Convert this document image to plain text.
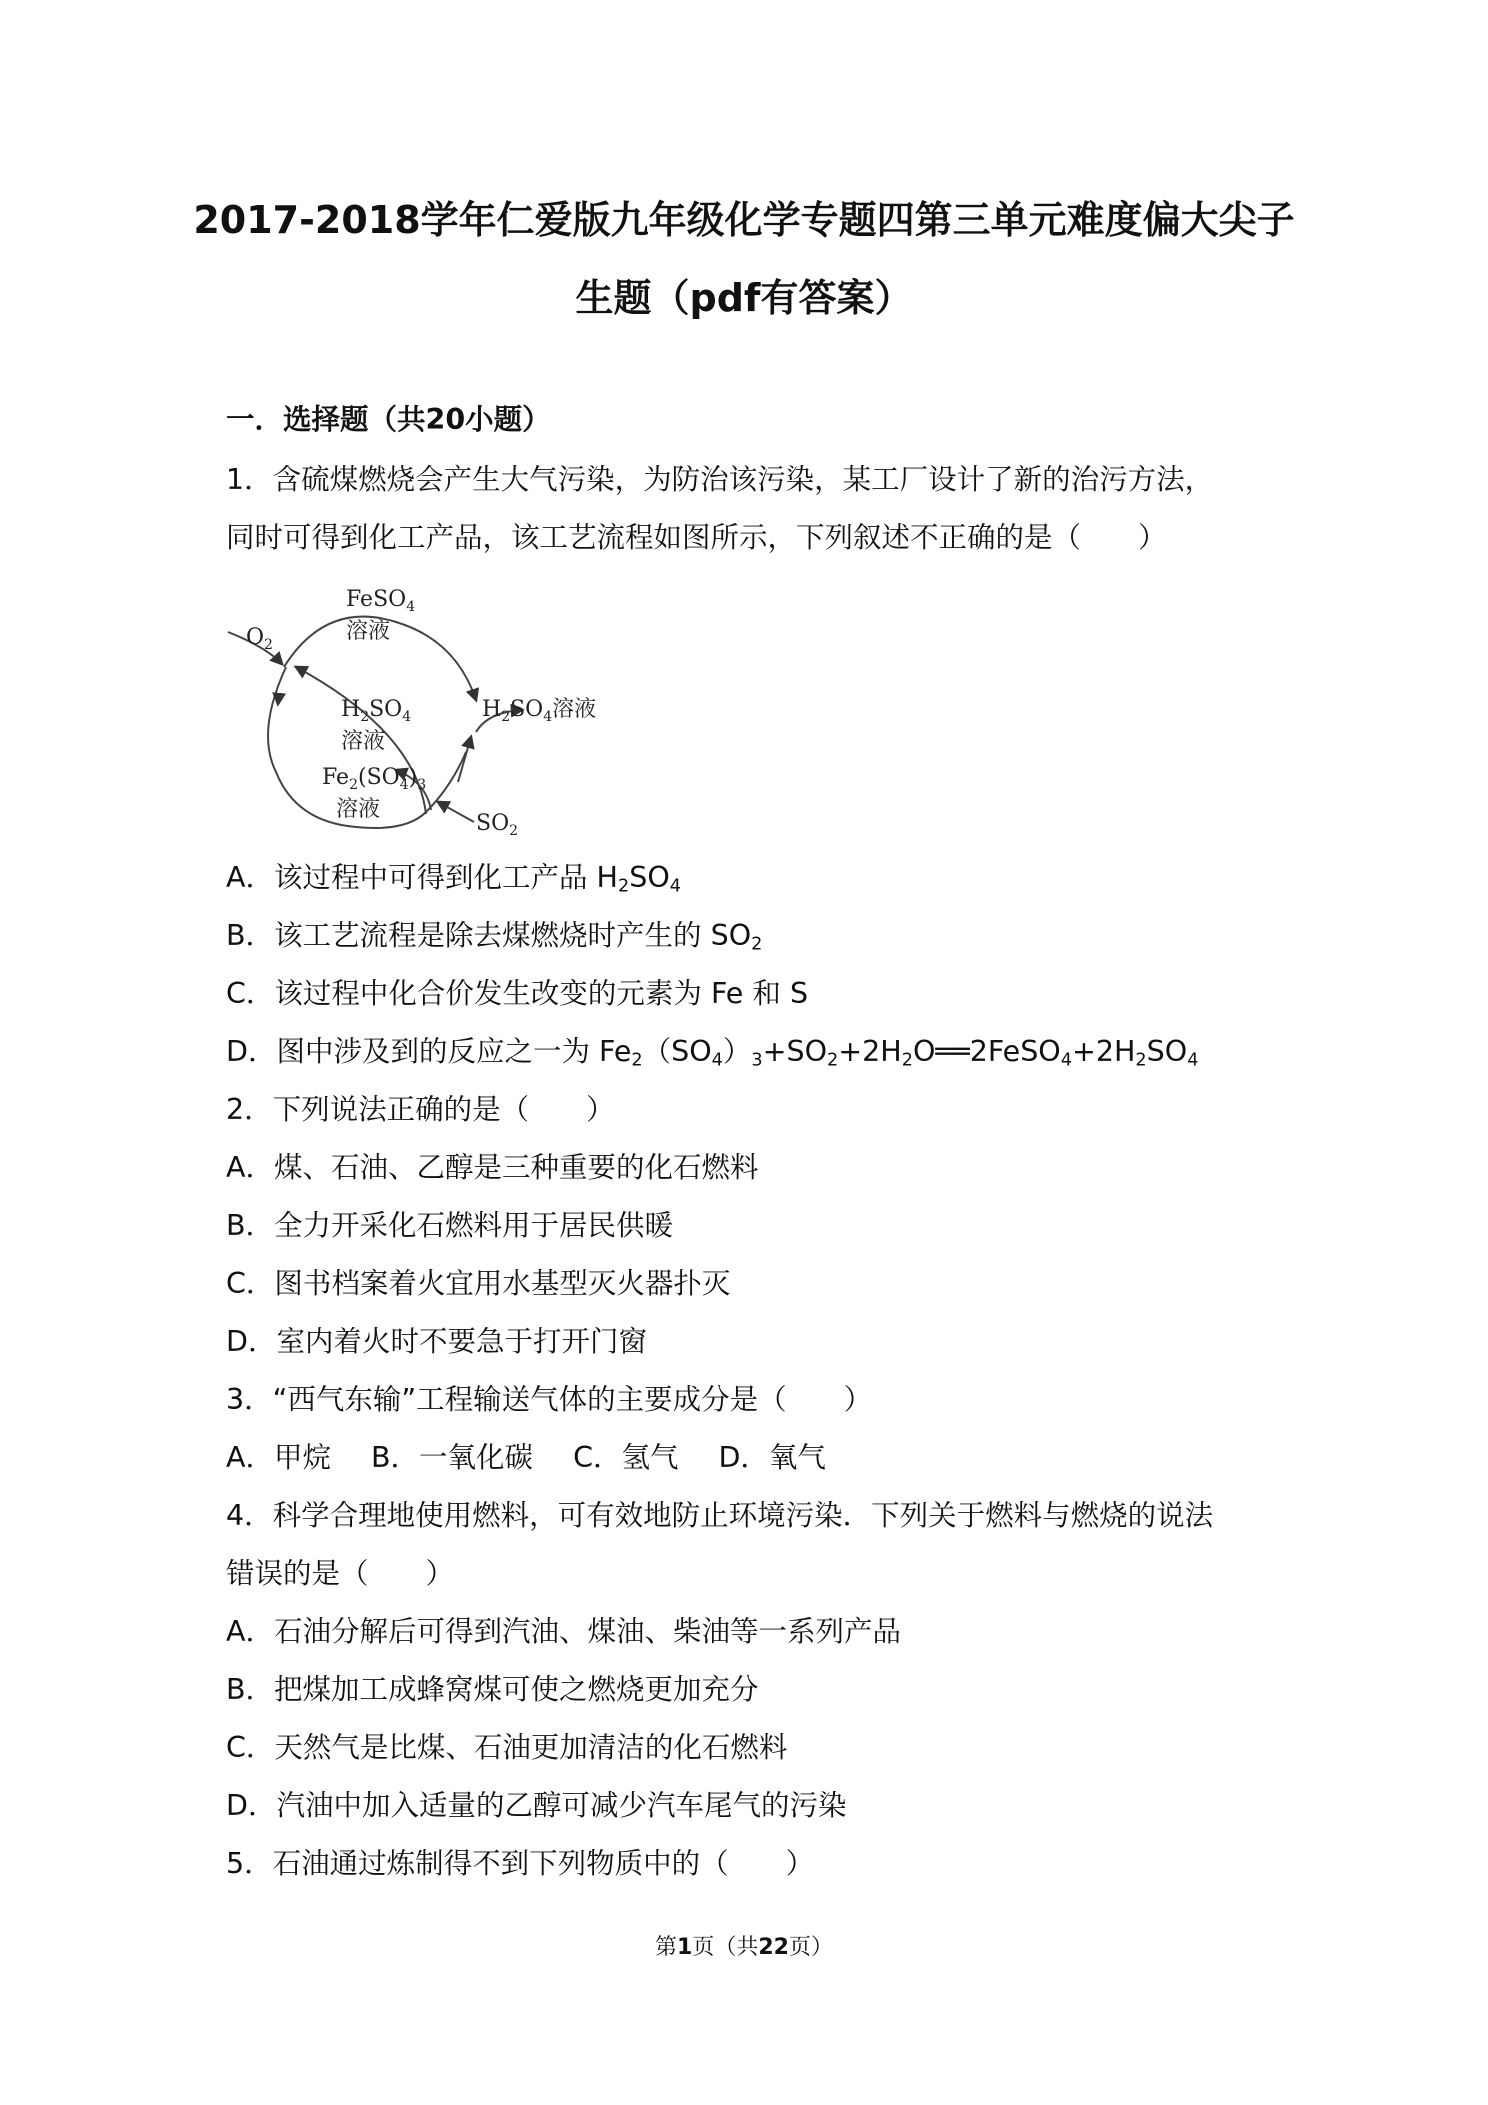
2017-2018学年仁爱版九年级化学专题四第三单元难度偏大尖子
生题（pdf有答案）
一．选择题（共20小题）
1．含硫煤燃烧会产生大气污染，为防治该污染，某工厂设计了新的治污方法，
同时可得到化工产品，该工艺流程如图所示，下列叙述不正确的是（　　）
FeSO$_4$
溶液
$O_2$
$H_2SO_4$
溶液
$H_2SO_4$溶液
$Fe_2(SO_4)_3$
溶液
$SO_2$
A．该过程中可得到化工产品 $H_2SO_4$
B．该工艺流程是除去煤燃烧时产生的 $SO_2$
C．该过程中化合价发生改变的元素为 Fe 和 S
D．图中涉及到的反应之一为 $Fe_2(SO_4)_3+SO_2+2H_2O══2FeSO_4+2H_2SO_4$
2．下列说法正确的是（　　）
A．煤、石油、乙醇是三种重要的化石燃料
B．全力开采化石燃料用于居民供暖
C．图书档案着火宜用水基型灭火器扑灭
D．室内着火时不要急于打开门窗
3．“西气东输”工程输送气体的主要成分是（　　）
A．甲烷 B．一氧化碳 C．氢气 D．氧气
4．科学合理地使用燃料，可有效地防止环境污染．下列关于燃料与燃烧的说法
错误的是（　　）
A．石油分解后可得到汽油、煤油、柴油等一系列产品
B．把煤加工成蜂窝煤可使之燃烧更加充分
C．天然气是比煤、石油更加清洁的化石燃料
D．汽油中加入适量的乙醇可减少汽车尾气的污染
5．石油通过炼制得不到下列物质中的（　　）
第1页（共22页）
